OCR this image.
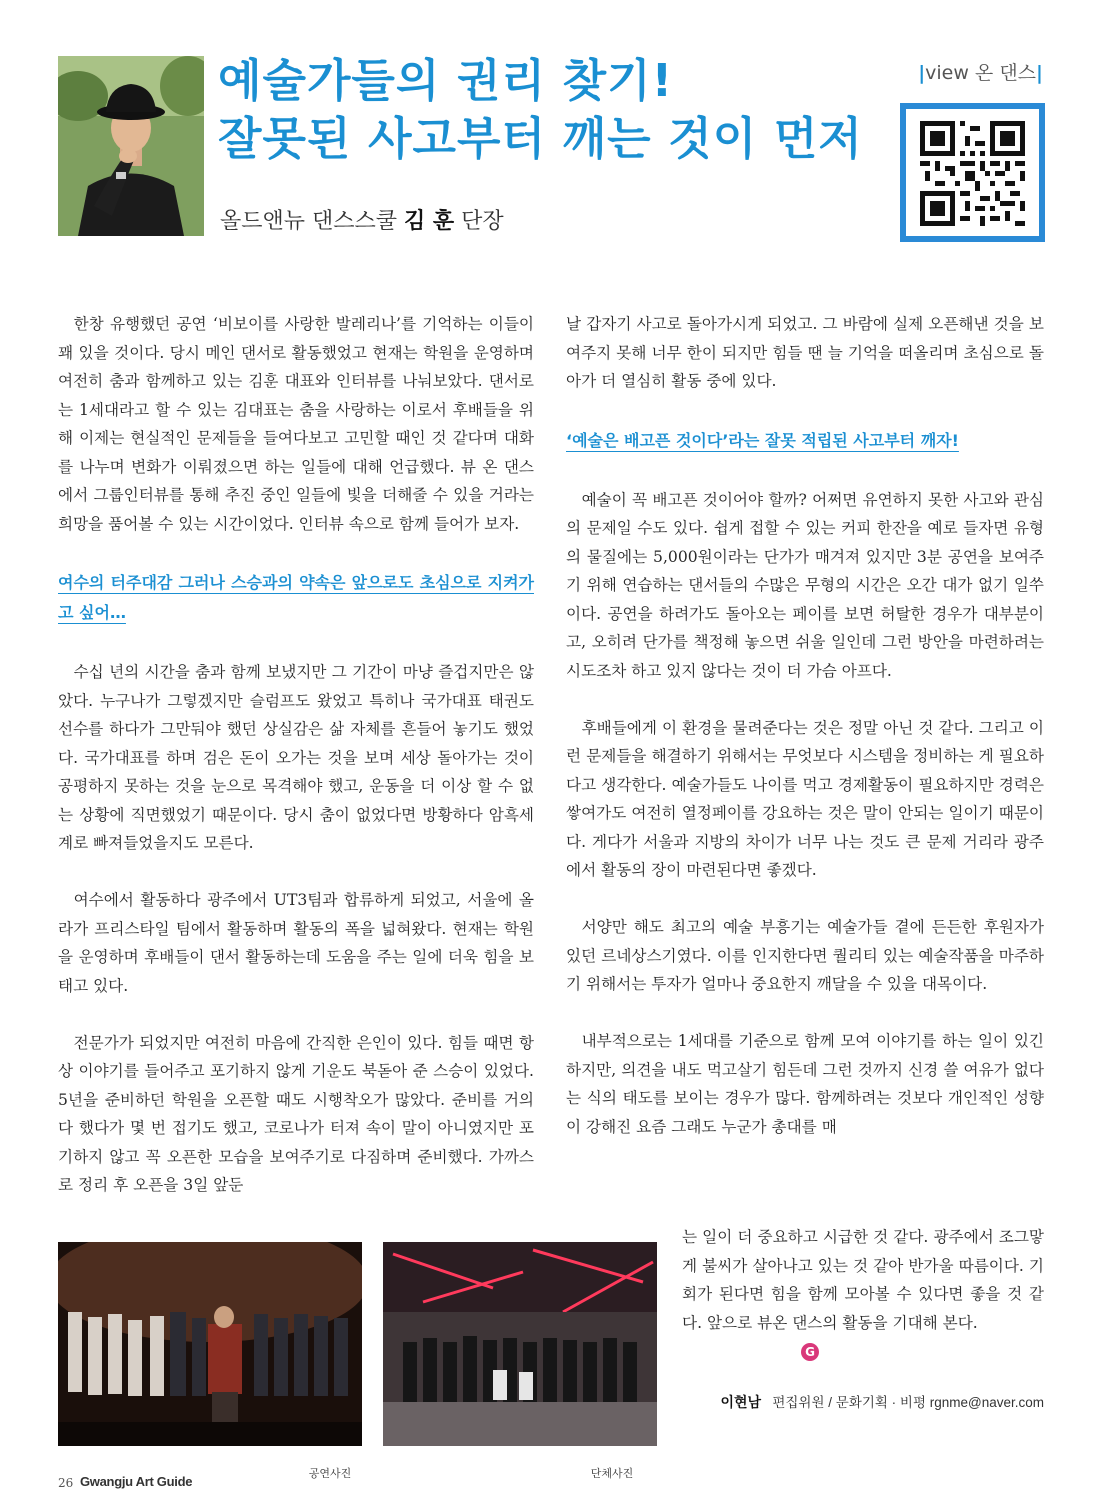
예술가들의 권리 찾기!
잘못된 사고부터 깨는 것이 먼저
올드앤뉴 댄스스쿨 김 훈 단장
|view 온 댄스|

한창 유행했던 공연 ‘비보이를 사랑한 발레리나’를 기억하는 이들이 꽤 있을 것이다. 당시 메인 댄서로 활동했었고 현재는 학원을 운영하며 여전히 춤과 함께하고 있는 김훈 대표와 인터뷰를 나눠보았다. 댄서로는 1세대라고 할 수 있는 김대표는 춤을 사랑하는 이로서 후배들을 위해 이제는 현실적인 문제들을 들여다보고 고민할 때인 것 같다며 대화를 나누며 변화가 이뤄졌으면 하는 일들에 대해 언급했다. 뷰 온 댄스에서 그룹인터뷰를 통해 추진 중인 일들에 빛을 더해줄 수 있을 거라는 희망을 품어볼 수 있는 시간이었다. 인터뷰 속으로 함께 들어가 보자.

여수의 터주대감 그러나 스승과의 약속은 앞으로도 초심으로 지켜가고 싶어…

수십 년의 시간을 춤과 함께 보냈지만 그 기간이 마냥 즐겁지만은 않았다. 누구나가 그렇겠지만 슬럼프도 왔었고 특히나 국가대표 태권도 선수를 하다가 그만둬야 했던 상실감은 삶 자체를 흔들어 놓기도 했었다. 국가대표를 하며 검은 돈이 오가는 것을 보며 세상 돌아가는 것이 공평하지 못하는 것을 눈으로 목격해야 했고, 운동을 더 이상 할 수 없는 상황에 직면했었기 때문이다. 당시 춤이 없었다면 방황하다 암흑세계로 빠져들었을지도 모른다.

여수에서 활동하다 광주에서 UT3팀과 합류하게 되었고, 서울에 올라가 프리스타일 팀에서 활동하며 활동의 폭을 넓혀왔다. 현재는 학원을 운영하며 후배들이 댄서 활동하는데 도움을 주는 일에 더욱 힘을 보태고 있다.

전문가가 되었지만 여전히 마음에 간직한 은인이 있다. 힘들 때면 항상 이야기를 들어주고 포기하지 않게 기운도 북돋아 준 스승이 있었다. 5년을 준비하던 학원을 오픈할 때도 시행착오가 많았다. 준비를 거의 다 했다가 몇 번 접기도 했고, 코로나가 터져 속이 말이 아니였지만 포기하지 않고 꼭 오픈한 모습을 보여주기로 다짐하며 준비했다. 가까스로 정리 후 오픈을 3일 앞둔

날 갑자기 사고로 돌아가시게 되었고. 그 바람에 실제 오픈해낸 것을 보여주지 못해 너무 한이 되지만 힘들 땐 늘 기억을 떠올리며 초심으로 돌아가 더 열심히 활동 중에 있다.

‘예술은 배고픈 것이다’라는 잘못 적립된 사고부터 깨자!

예술이 꼭 배고픈 것이어야 할까? 어쩌면 유연하지 못한 사고와 관심의 문제일 수도 있다. 쉽게 접할 수 있는 커피 한잔을 예로 들자면 유형의 물질에는 5,000원이라는 단가가 매겨져 있지만 3분 공연을 보여주기 위해 연습하는 댄서들의 수많은 무형의 시간은 오간 대가 없기 일쑤이다. 공연을 하려가도 돌아오는 페이를 보면 허탈한 경우가 대부분이고, 오히려 단가를 책정해 놓으면 쉬울 일인데 그런 방안을 마련하려는 시도조차 하고 있지 않다는 것이 더 가슴 아프다.

후배들에게 이 환경을 물려준다는 것은 정말 아닌 것 같다. 그리고 이런 문제들을 해결하기 위해서는 무엇보다 시스템을 정비하는 게 필요하다고 생각한다. 예술가들도 나이를 먹고 경제활동이 필요하지만 경력은 쌓여가도 여전히 열정페이를 강요하는 것은 말이 안되는 일이기 때문이다. 게다가 서울과 지방의 차이가 너무 나는 것도 큰 문제 거리라 광주에서 활동의 장이 마련된다면 좋겠다.

서양만 해도 최고의 예술 부흥기는 예술가들 곁에 든든한 후원자가 있던 르네상스기였다. 이를 인지한다면 퀄리티 있는 예술작품을 마주하기 위해서는 투자가 얼마나 중요한지 깨달을 수 있을 대목이다.

내부적으로는 1세대를 기준으로 함께 모여 이야기를 하는 일이 있긴 하지만, 의견을 내도 먹고살기 힘든데 그런 것까지 신경 쓸 여유가 없다는 식의 태도를 보이는 경우가 많다. 함께하려는 것보다 개인적인 성향이 강해진 요즘 그래도 누군가 총대를 매

는 일이 더 중요하고 시급한 것 같다. 광주에서 조그맣게 불씨가 살아나고 있는 것 같아 반가울 따름이다. 기회가 된다면 힘을 함께 모아볼 수 있다면 좋을 것 같다. 앞으로 뷰온 댄스의 활동을 기대해 본다.

공연사진	단체사진
G
이현남 편집위원 / 문화기획 · 비평 rgnme@naver.com
26 Gwangju Art Guide
